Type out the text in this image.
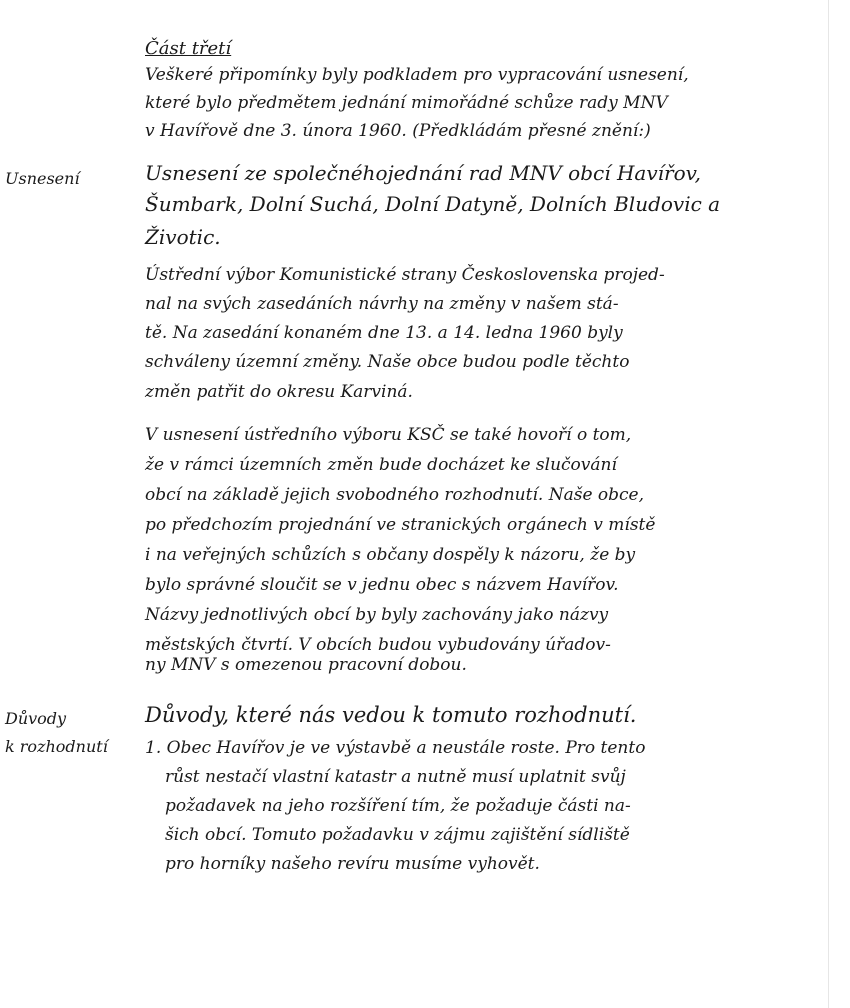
Část třetí
Veškeré připomínky byly podkladem pro vypracování usnesení,
které bylo předmětem jednání mimořádné schůze rady MNV
v Havířově dne 3. února 1960. (Předkládám přesné znění:)
Usnesení	Usnesení ze společnéhojednání rad MNV obcí Havířov,
Šumbark, Dolní Suchá, Dolní Datyně, Dolních Bludovic a
Životic.
Ústřední výbor Komunistické strany Československa projed-
nal na svých zasedáních návrhy na změny v našem stá-
tě. Na zasedání konaném dne 13. a 14. ledna 1960 byly
schváleny územní změny. Naše obce budou podle těchto
změn patřit do okresu Karviná.
V usnesení ústředního výboru KSČ se také hovoří o tom,
že v rámci územních změn bude docházet ke slučování
obcí na základě jejich svobodného rozhodnutí. Naše obce,
po předchozím projednání ve stranických orgánech v místě
i na veřejných schůzích s občany dospěly k názoru, že by
bylo správné sloučit se v jednu obec s názvem Havířov.
Názvy jednotlivých obcí by byly zachovány jako názvy
městských čtvrtí. V obcích budou vybudovány úřadov-
ny MNV s omezenou pracovní dobou.
Důvody
k rozhodnutí
Důvody, které nás vedou k tomuto rozhodnutí.
1. Obec Havířov je ve výstavbě a neustále roste. Pro tento
růst nestačí vlastní katastr a nutně musí uplatnit svůj
požadavek na jeho rozšíření tím, že požaduje části na-
šich obcí. Tomuto požadavku v zájmu zajištění sídliště
pro horníky našeho revíru musíme vyhovět.
